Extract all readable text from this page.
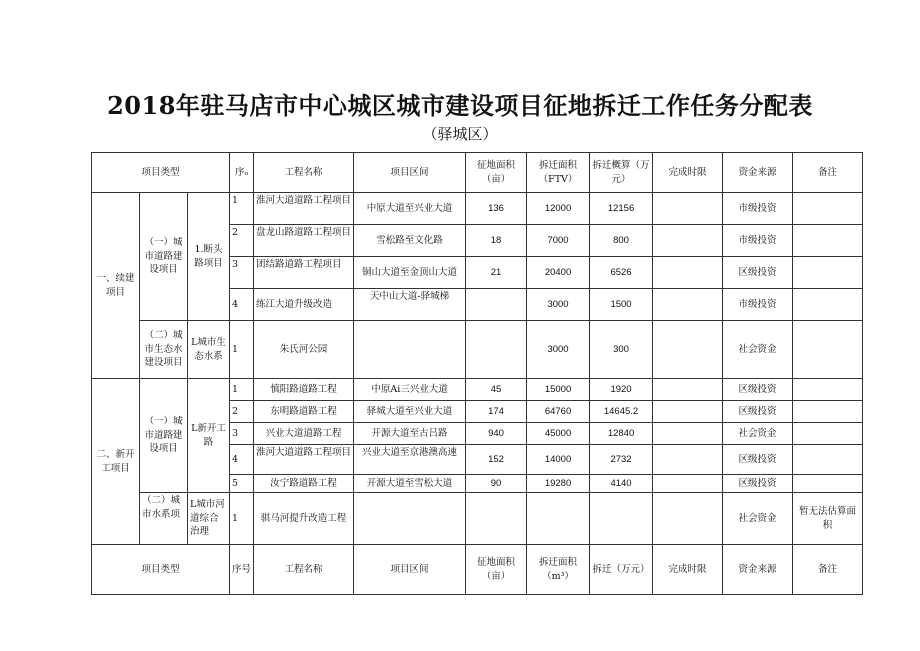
2018年驻马店市中心城区城市建设项目征地拆迁工作任务分配表
（驿城区）
项目类型			序ₒ	工程名称	项目区间	征地面积（亩）	拆迁面积（FTV）	拆迁概算（万元）	完成时限	资金来源	备注
一、续建项目	（一）城市道路建设项目	1.断头路项目	1	淮河大道道路工程项目	中原大道至兴业大道	136	12000	12156		市级投资	
			2	盘龙山路道路工程项目	雪松路至文化路	18	7000	800		市级投资	
			3	团结路道路工程项目	铜山大道至金顶山大道	21	20400	6526		区级投资	
			4	练江大道升级改造	天中山大道-驿城梯		3000	1500		市级投资	
	（二）城市生态水建设项目	L城市生态水系	1	朱氏河公园			3000	300		社会资金	
二、新开工项目	（一）城市道路建设项目	L新开工路	1	慎阳路道路工程	中原Ai三兴业大道	45	15000	1920		区级投资	
			2	东明路道路工程	驿城大道至兴业大道	174	64760	14645.2		区级投资	
			3	兴业大道道路工程	开源大道至古吕路	940	45000	12840		社会资金	
			4	淮河大道道路工程项目	兴业大道至京港澳高速	152	14000	2732		区级投资	
			5	汝宁路道路工程	开源大道至雪松大道	90	19280	4140		区级投资	
	（二）城市水系项	L城市河道综合治理	1	骐马河提升改造工程						社会资金	暂无法估算面积
项目类型			序号	工程名称	项目区间	征地面积（亩）	拆迁面积（m³）	拆迁（万元）	完成时限	资金来源	备注
